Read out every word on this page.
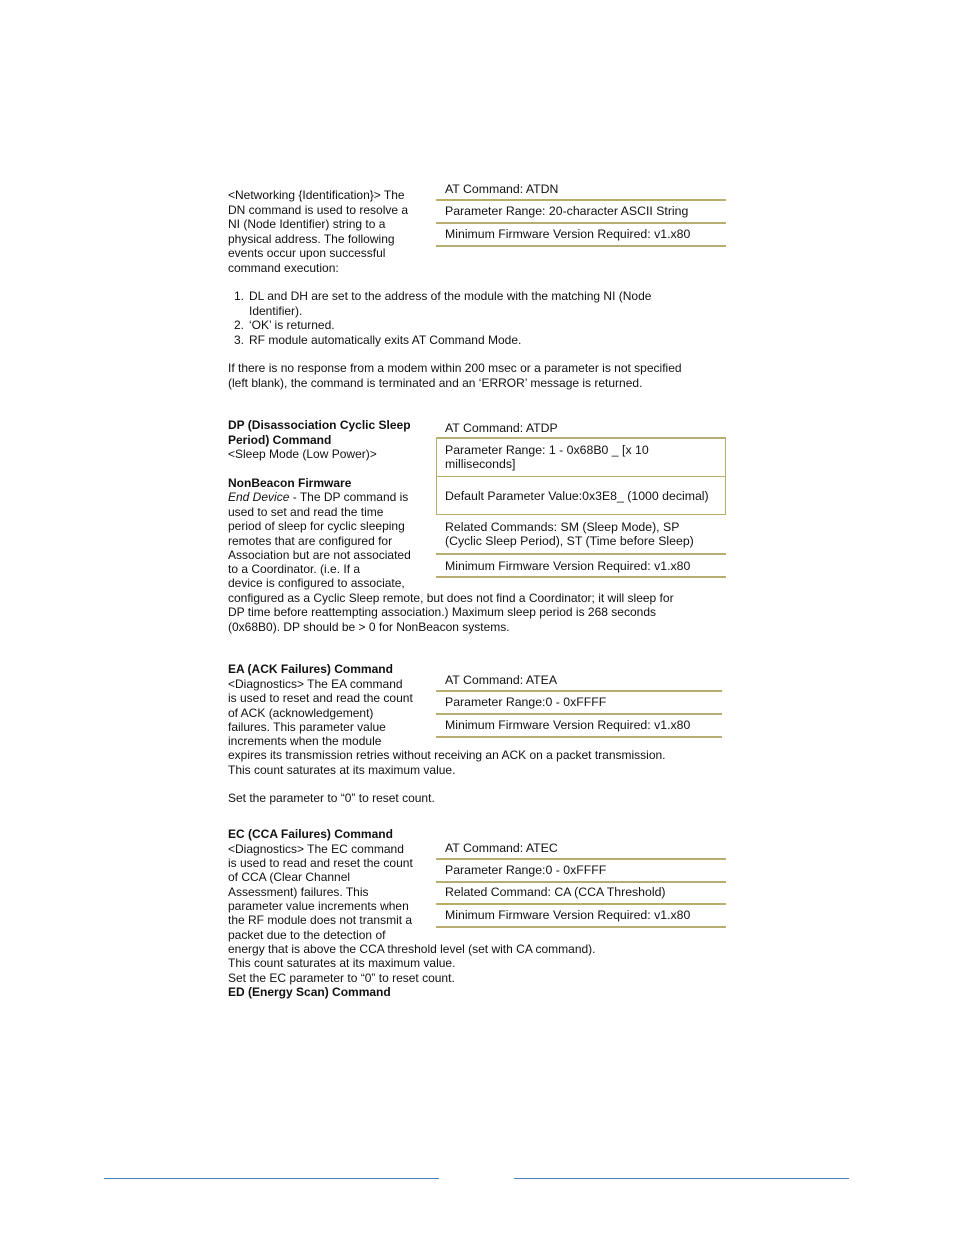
<Networking {Identification}> The
DN command is used to resolve a
NI (Node Identifier) string to a
physical address. The following
events occur upon successful
command execution:
AT Command: ATDN
Parameter Range: 20-character ASCII String
Minimum Firmware Version Required: v1.x80
1. DL and DH are set to the address of the module with the matching NI (Node
Identifier).
2. ‘OK’ is returned.
3. RF module automatically exits AT Command Mode.
If there is no response from a modem within 200 msec or a parameter is not specified
(left blank), the command is terminated and an ‘ERROR’ message is returned.
DP (Disassociation Cyclic Sleep
Period) Command
<Sleep Mode (Low Power)>
NonBeacon Firmware
End Device - The DP command is
used to set and read the time
period of sleep for cyclic sleeping
remotes that are configured for
Association but are not associated
to a Coordinator. (i.e. If a
device is configured to associate,
configured as a Cyclic Sleep remote, but does not find a Coordinator; it will sleep for
DP time before reattempting association.) Maximum sleep period is 268 seconds
(0x68B0). DP should be > 0 for NonBeacon systems.
AT Command: ATDP
Parameter Range: 1 - 0x68B0 _ [x 10
milliseconds]
Default Parameter Value:0x3E8_ (1000 decimal)
Related Commands: SM (Sleep Mode), SP
(Cyclic Sleep Period), ST (Time before Sleep)
Minimum Firmware Version Required: v1.x80
EA (ACK Failures) Command
<Diagnostics> The EA command
is used to reset and read the count
of ACK (acknowledgement)
failures. This parameter value
increments when the module
expires its transmission retries without receiving an ACK on a packet transmission.
This count saturates at its maximum value.
Set the parameter to “0” to reset count.
AT Command: ATEA
Parameter Range:0 - 0xFFFF
Minimum Firmware Version Required: v1.x80
EC (CCA Failures) Command
<Diagnostics> The EC command
is used to read and reset the count
of CCA (Clear Channel
Assessment) failures. This
parameter value increments when
the RF module does not transmit a
packet due to the detection of
energy that is above the CCA threshold level (set with CA command).
This count saturates at its maximum value.
Set the EC parameter to “0” to reset count.
AT Command: ATEC
Parameter Range:0 - 0xFFFF
Related Command: CA (CCA Threshold)
Minimum Firmware Version Required: v1.x80
ED (Energy Scan) Command
